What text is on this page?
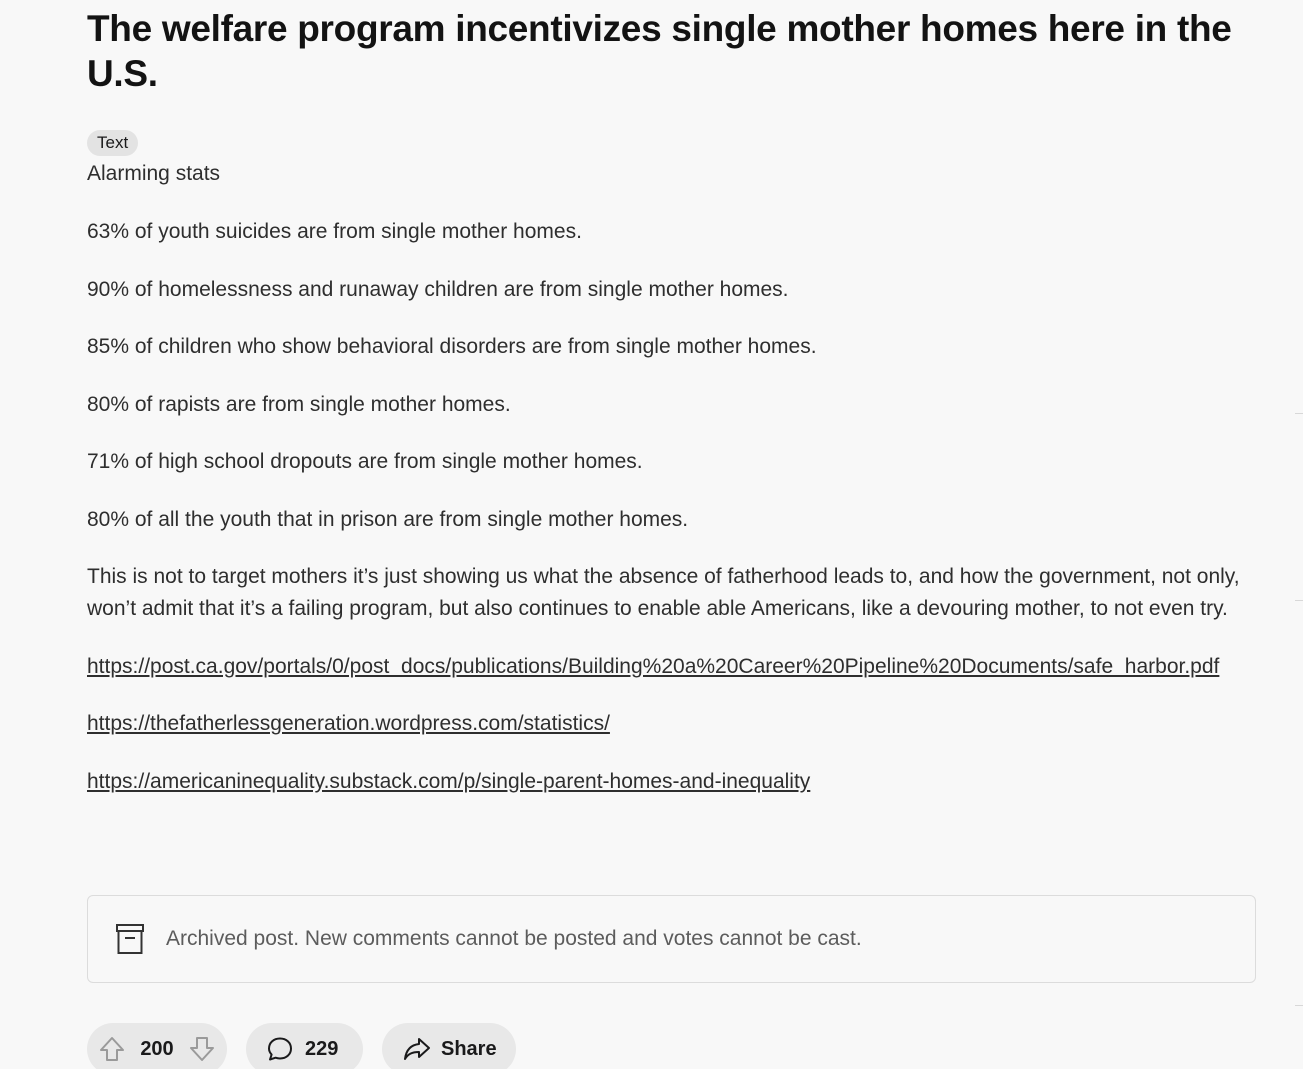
The welfare program incentivizes single mother homes here in the U.S.
Text

Alarming stats

63% of youth suicides are from single mother homes.

90% of homelessness and runaway children are from single mother homes.

85% of children who show behavioral disorders are from single mother homes.

80% of rapists are from single mother homes.

71% of high school dropouts are from single mother homes.

80% of all the youth that in prison are from single mother homes.

This is not to target mothers it’s just showing us what the absence of fatherhood leads to, and how the government, not only, won’t admit that it’s a failing program, but also continues to enable able Americans, like a devouring mother, to not even try.

https://post.ca.gov/portals/0/post_docs/publications/Building%20a%20Career%20Pipeline%20Documents/safe_harbor.pdf

https://thefatherlessgeneration.wordpress.com/statistics/

https://americaninequality.substack.com/p/single-parent-homes-and-inequality

Archived post. New comments cannot be posted and votes cannot be cast.
200	229	Share
